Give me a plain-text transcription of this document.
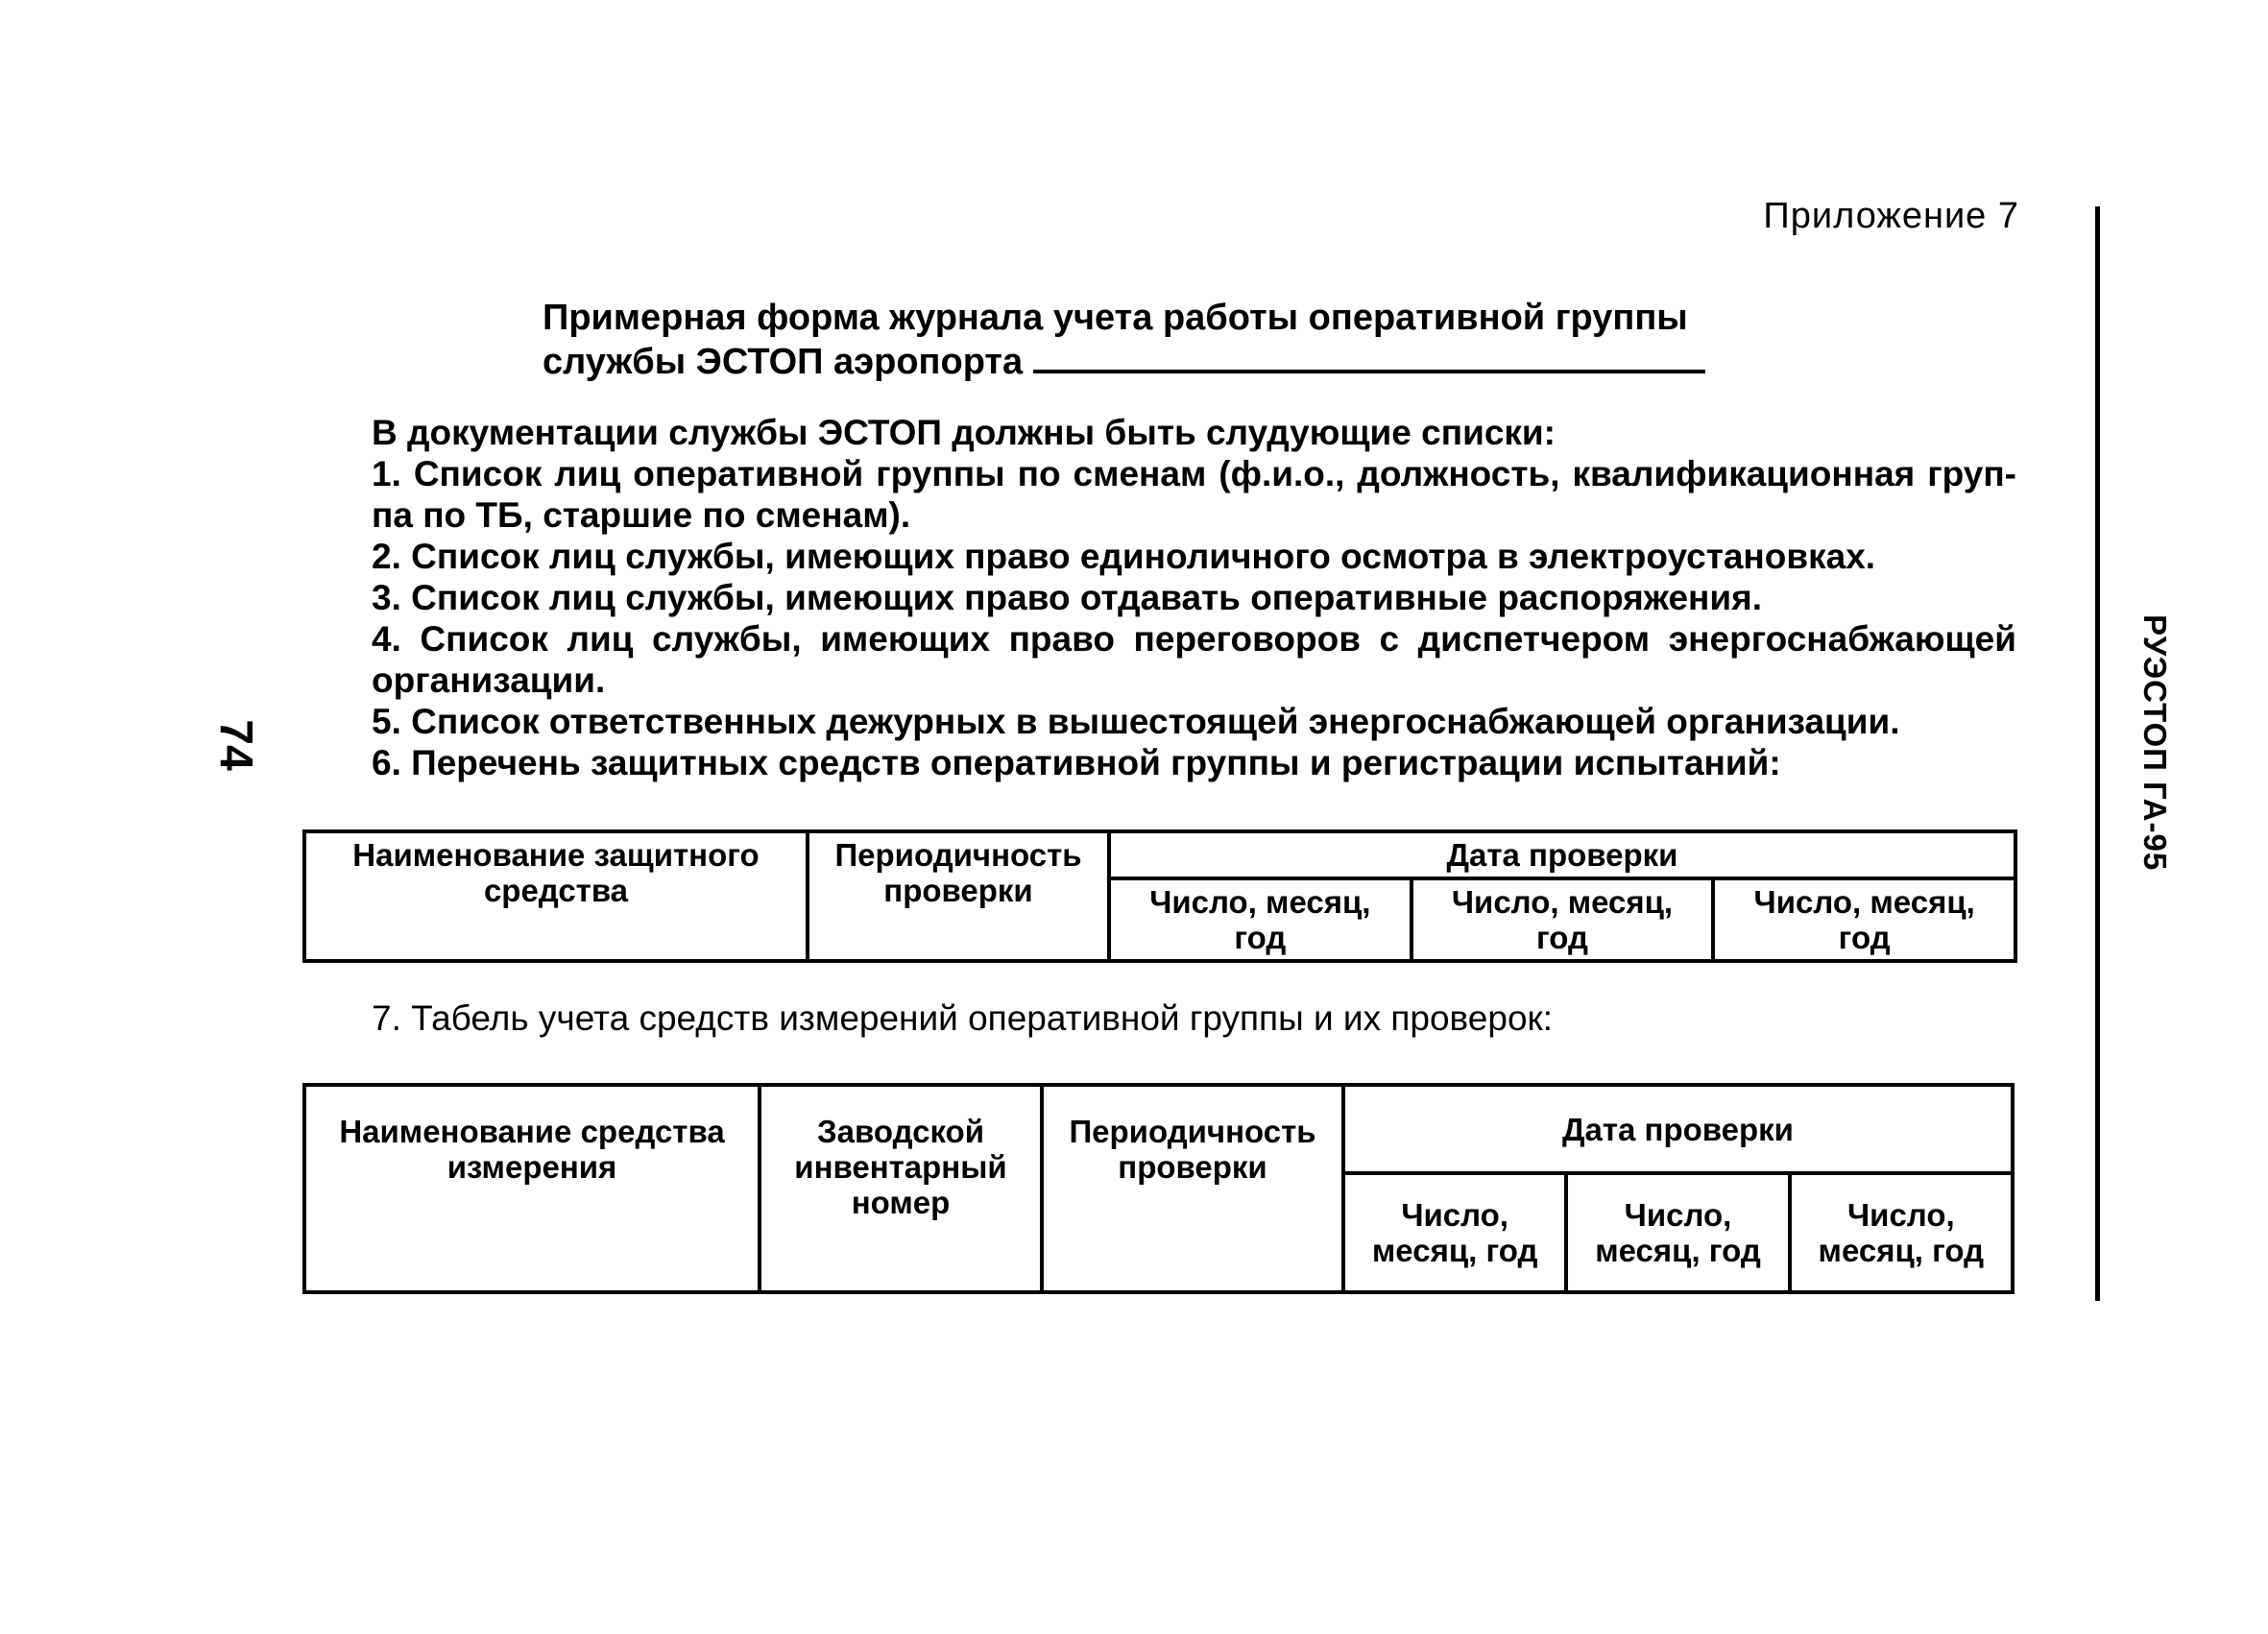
Приложение 7
РУЭСТОП ГА-95
74
Примерная форма журнала учета работы оперативной группы
службы ЭСТОП аэропорта
В документации службы ЭСТОП должны быть слудующие списки:
1. Список лиц оперативной группы по сменам (ф.и.о., должность, квалификационная груп-па по ТБ, старшие по сменам).
2. Список лиц службы, имеющих право единоличного осмотра в электроустановках.
3. Список лиц службы, имеющих право отдавать оперативные распоряжения.
4. Список лиц службы, имеющих право переговоров с диспетчером энергоснабжающей организации.
5. Список ответственных дежурных в вышестоящей энергоснабжающей организации.
6. Перечень защитных средств оперативной группы и регистрации испытаний:
Наименование защитного средства	Периодичность проверки	Дата проверки		
		Число, месяц, год	Число, месяц, год	Число, месяц, год
7. Табель учета средств измерений оперативной группы и их проверок:
Наименование средства измерения	Заводской инвентарный номер	Периодичность проверки	Дата проверки		
			Число, месяц, год	Число, месяц, год	Число, месяц, год
